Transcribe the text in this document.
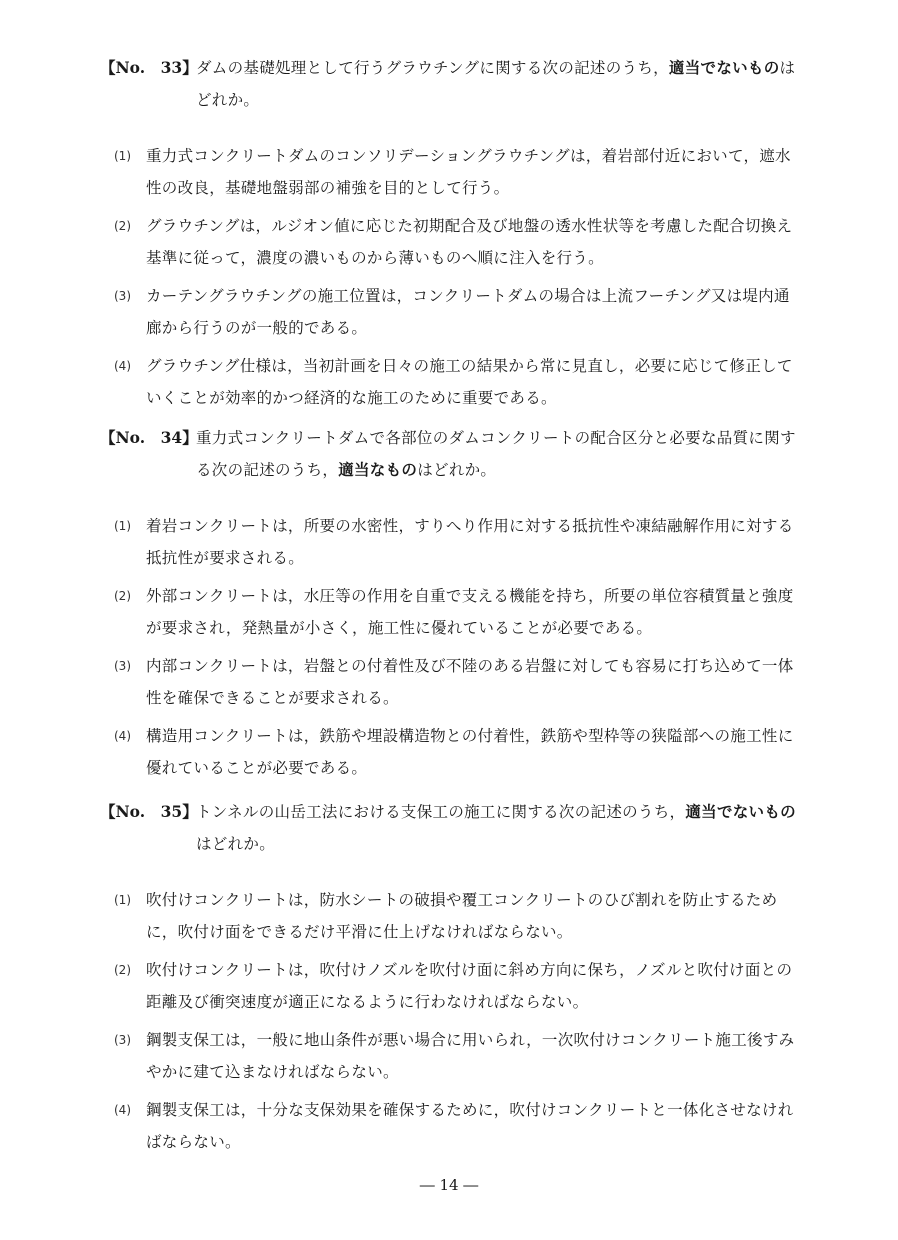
【No.　33】
ダムの基礎処理として行うグラウチングに関する次の記述のうち，適当でないものはどれか。
(1) 重力式コンクリートダムのコンソリデーショングラウチングは，着岩部付近において，遮水性の改良，基礎地盤弱部の補強を目的として行う。
(2) グラウチングは，ルジオン値に応じた初期配合及び地盤の透水性状等を考慮した配合切換え基準に従って，濃度の濃いものから薄いものへ順に注入を行う。
(3) カーテングラウチングの施工位置は，コンクリートダムの場合は上流フーチング又は堤内通廊から行うのが一般的である。
(4) グラウチング仕様は，当初計画を日々の施工の結果から常に見直し，必要に応じて修正していくことが効率的かつ経済的な施工のために重要である。
【No.　34】
重力式コンクリートダムで各部位のダムコンクリートの配合区分と必要な品質に関する次の記述のうち，適当なものはどれか。
(1) 着岩コンクリートは，所要の水密性，すりへり作用に対する抵抗性や凍結融解作用に対する抵抗性が要求される。
(2) 外部コンクリートは，水圧等の作用を自重で支える機能を持ち，所要の単位容積質量と強度が要求され，発熱量が小さく，施工性に優れていることが必要である。
(3) 内部コンクリートは，岩盤との付着性及び不陸のある岩盤に対しても容易に打ち込めて一体性を確保できることが要求される。
(4) 構造用コンクリートは，鉄筋や埋設構造物との付着性，鉄筋や型枠等の狭隘部への施工性に優れていることが必要である。
【No.　35】
トンネルの山岳工法における支保工の施工に関する次の記述のうち，適当でないものはどれか。
(1) 吹付けコンクリートは，防水シートの破損や覆工コンクリートのひび割れを防止するために，吹付け面をできるだけ平滑に仕上げなければならない。
(2) 吹付けコンクリートは，吹付けノズルを吹付け面に斜め方向に保ち，ノズルと吹付け面との距離及び衝突速度が適正になるように行わなければならない。
(3) 鋼製支保工は，一般に地山条件が悪い場合に用いられ，一次吹付けコンクリート施工後すみやかに建て込まなければならない。
(4) 鋼製支保工は，十分な支保効果を確保するために，吹付けコンクリートと一体化させなければならない。
― 14 ―
